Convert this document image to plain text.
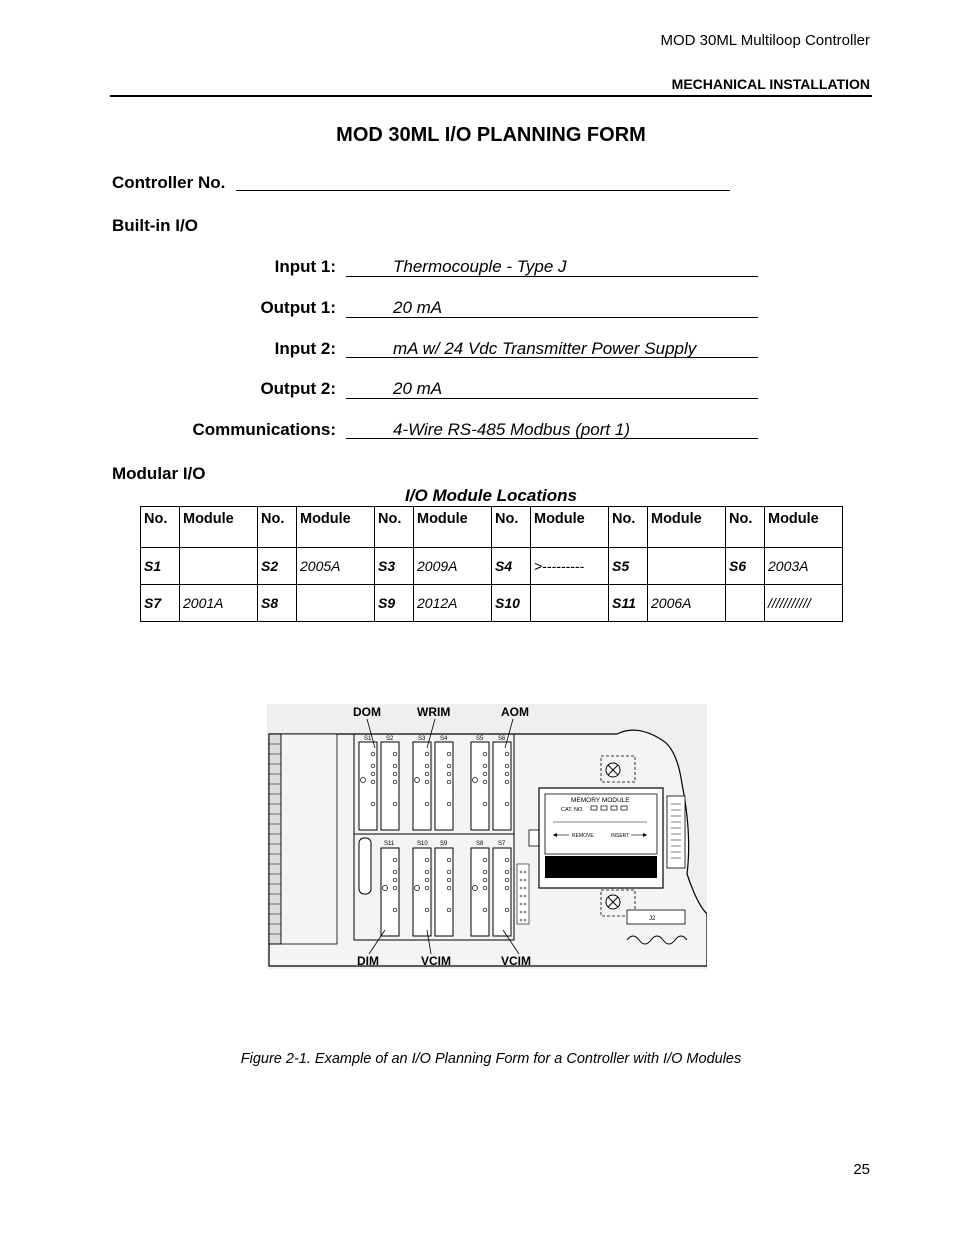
MOD 30ML Multiloop Controller
MECHANICAL INSTALLATION
MOD 30ML I/O PLANNING FORM
Controller No.
Built-in I/O
Input 1:	Thermocouple - Type J
Output 1:	20 mA
Input 2:	mA w/ 24 Vdc Transmitter Power Supply
Output 2:	20 mA
Communications:	4-Wire RS-485 Modbus (port 1)
Modular I/O
I/O Module Locations
No.	Module	No.	Module	No.	Module	No.	Module	No.	Module	No.	Module
S1		S2	2005A	S3	2009A	S4	>---------	S5		S6	2003A
S7	2001A	S8		S9	2012A	S10		S11	2006A		///////////
S1 S2	S3 S4	S5 S6
S11	S10 S9	S8 S7
MEMORY MODULE
CAT. NO.
REMOVE	INSERT
J2
DOM	WRIM	AOM
DIM	VCIM	VCIM
Figure 2-1. Example of an I/O Planning Form for a Controller with I/O Modules
25
